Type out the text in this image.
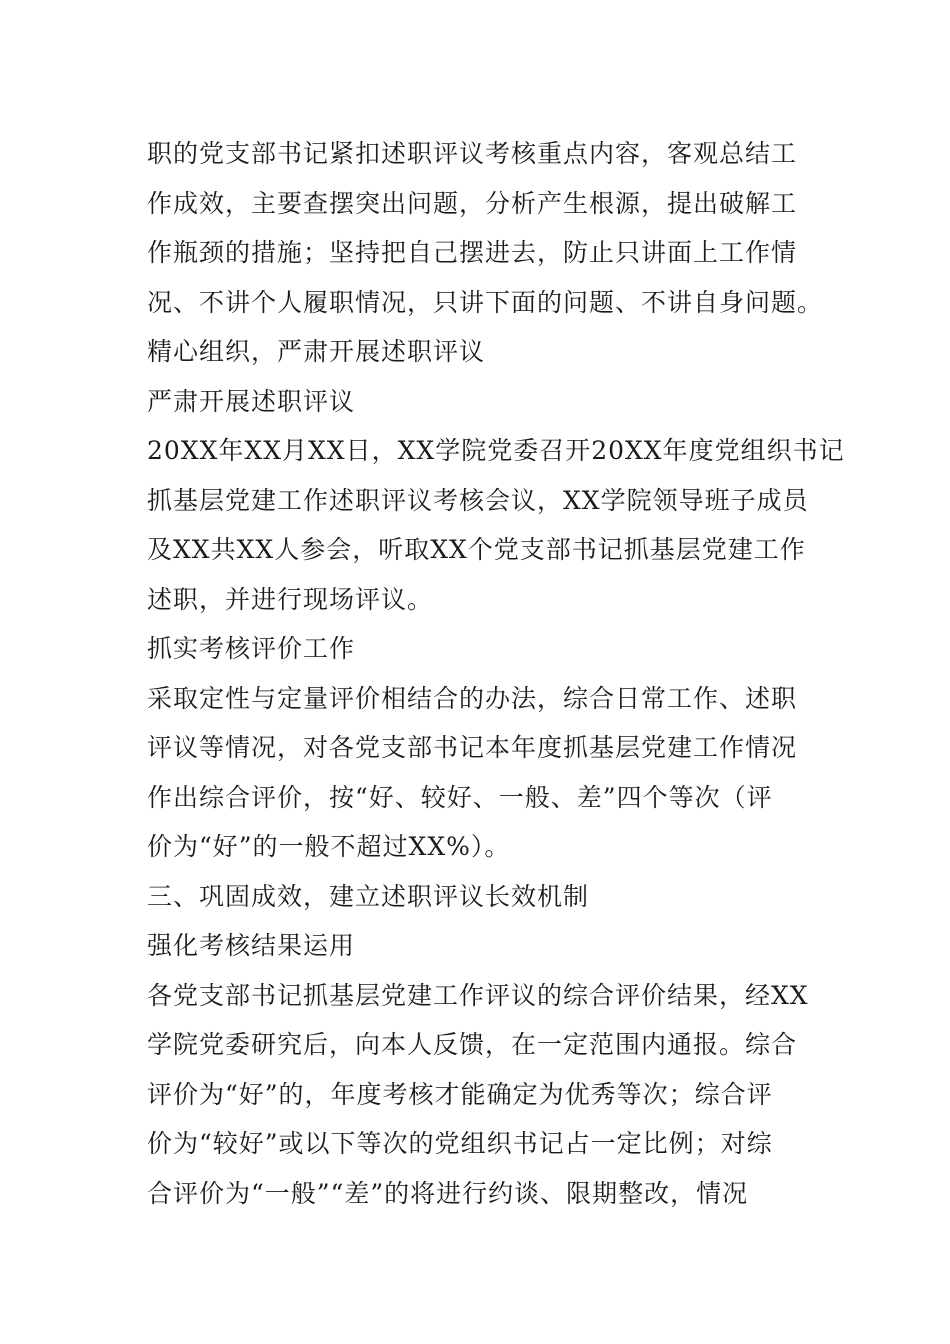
职的党支部书记紧扣述职评议考核重点内容，客观总结工
作成效，主要查摆突出问题，分析产生根源，提出破解工
作瓶颈的措施；坚持把自己摆进去，防止只讲面上工作情
况、不讲个人履职情况，只讲下面的问题、不讲自身问题。
精心组织，严肃开展述职评议
严肃开展述职评议
20XX年XX月XX日，XX学院党委召开20XX年度党组织书记
抓基层党建工作述职评议考核会议，XX学院领导班子成员
及XX共XX人参会，听取XX个党支部书记抓基层党建工作
述职，并进行现场评议。
抓实考核评价工作
采取定性与定量评价相结合的办法，综合日常工作、述职
评议等情况，对各党支部书记本年度抓基层党建工作情况
作出综合评价，按“好、较好、一般、差”四个等次（评
价为“好”的一般不超过XX%）。
三、巩固成效，建立述职评议长效机制
强化考核结果运用
各党支部书记抓基层党建工作评议的综合评价结果，经XX
学院党委研究后，向本人反馈，在一定范围内通报。综合
评价为“好”的，年度考核才能确定为优秀等次；综合评
价为“较好”或以下等次的党组织书记占一定比例；对综
合评价为“一般”“差”的将进行约谈、限期整改，情况
